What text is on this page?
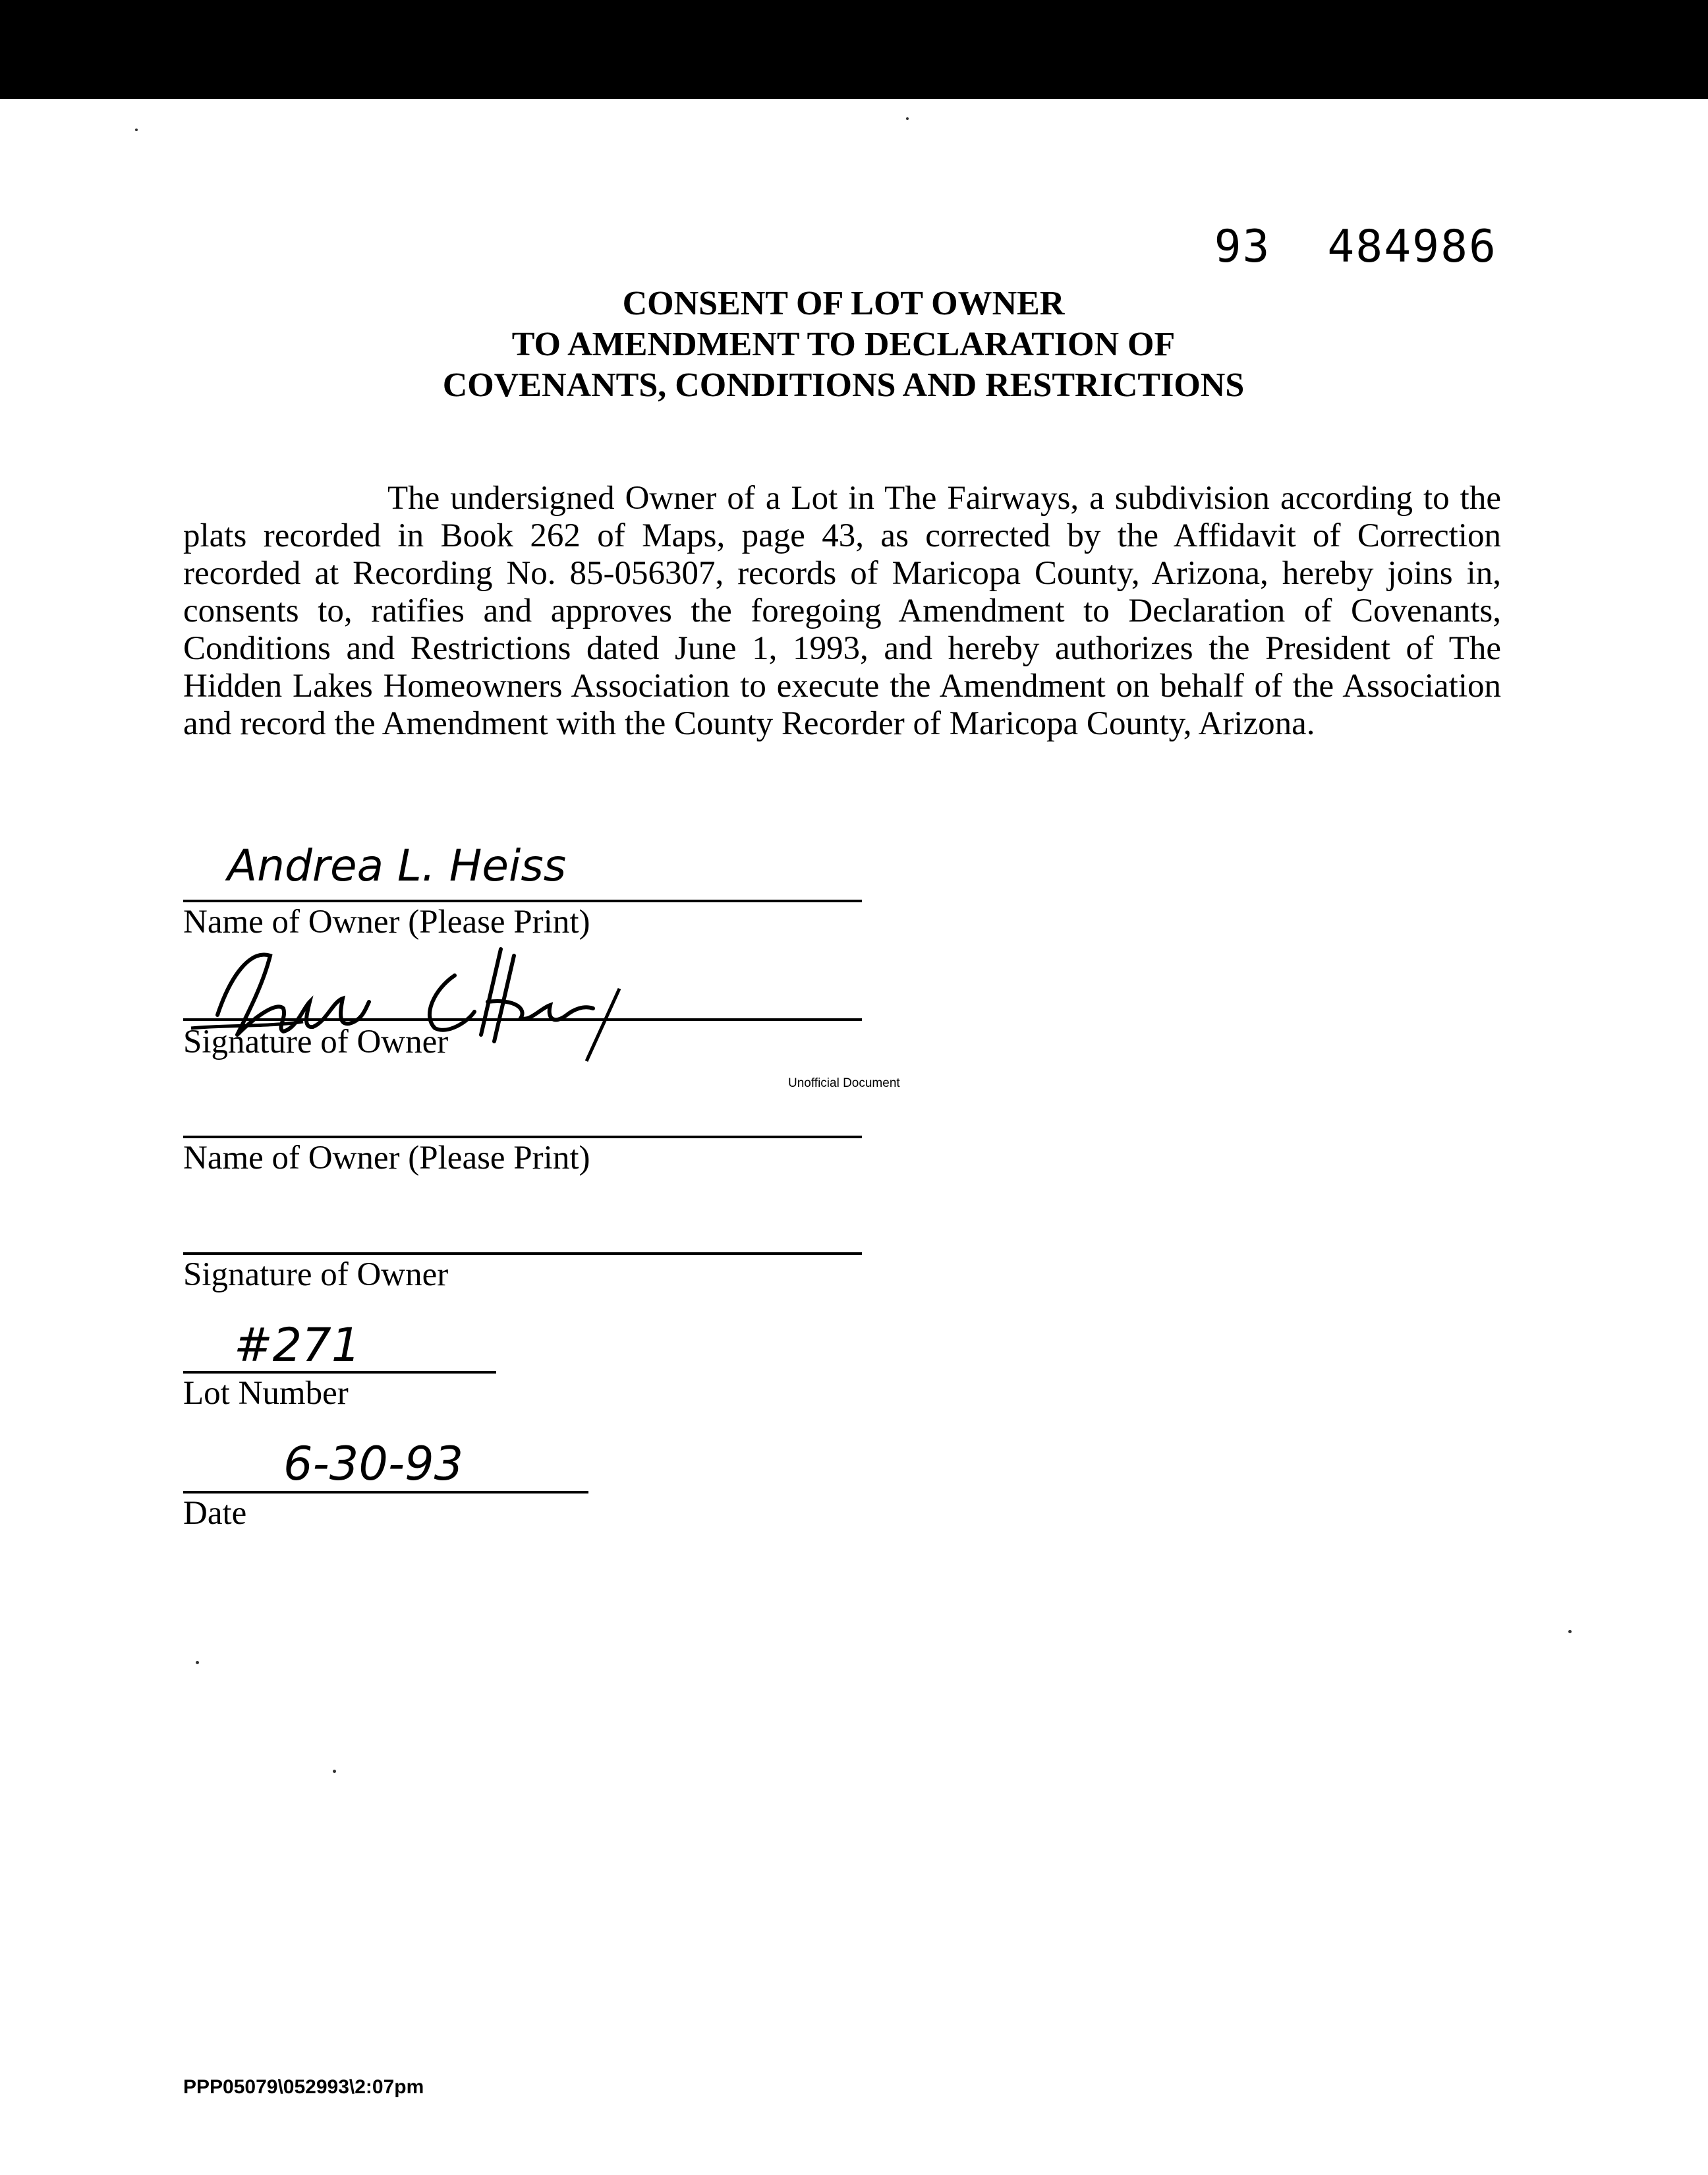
93  484986
CONSENT OF LOT OWNER
TO AMENDMENT TO DECLARATION OF
COVENANTS, CONDITIONS AND RESTRICTIONS
The undersigned Owner of a Lot in The Fairways, a subdivision according to the plats recorded in Book 262 of Maps, page 43, as corrected by the Affidavit of Correction recorded at Recording No. 85-056307, records of Maricopa County, Arizona, hereby joins in, consents to, ratifies and approves the foregoing Amendment to Declaration of Covenants, Conditions and Restrictions dated June 1, 1993, and hereby authorizes the President of The Hidden Lakes Homeowners Association to execute the Amendment on behalf of the Association and record the Amendment with the County Recorder of Maricopa County, Arizona.
Andrea L. Heiss
Name of Owner (Please Print)
Signature of Owner
Unofficial Document
Name of Owner (Please Print)
Signature of Owner
#271
Lot Number
6-30-93
Date
PPP05079\052993\2:07pm
